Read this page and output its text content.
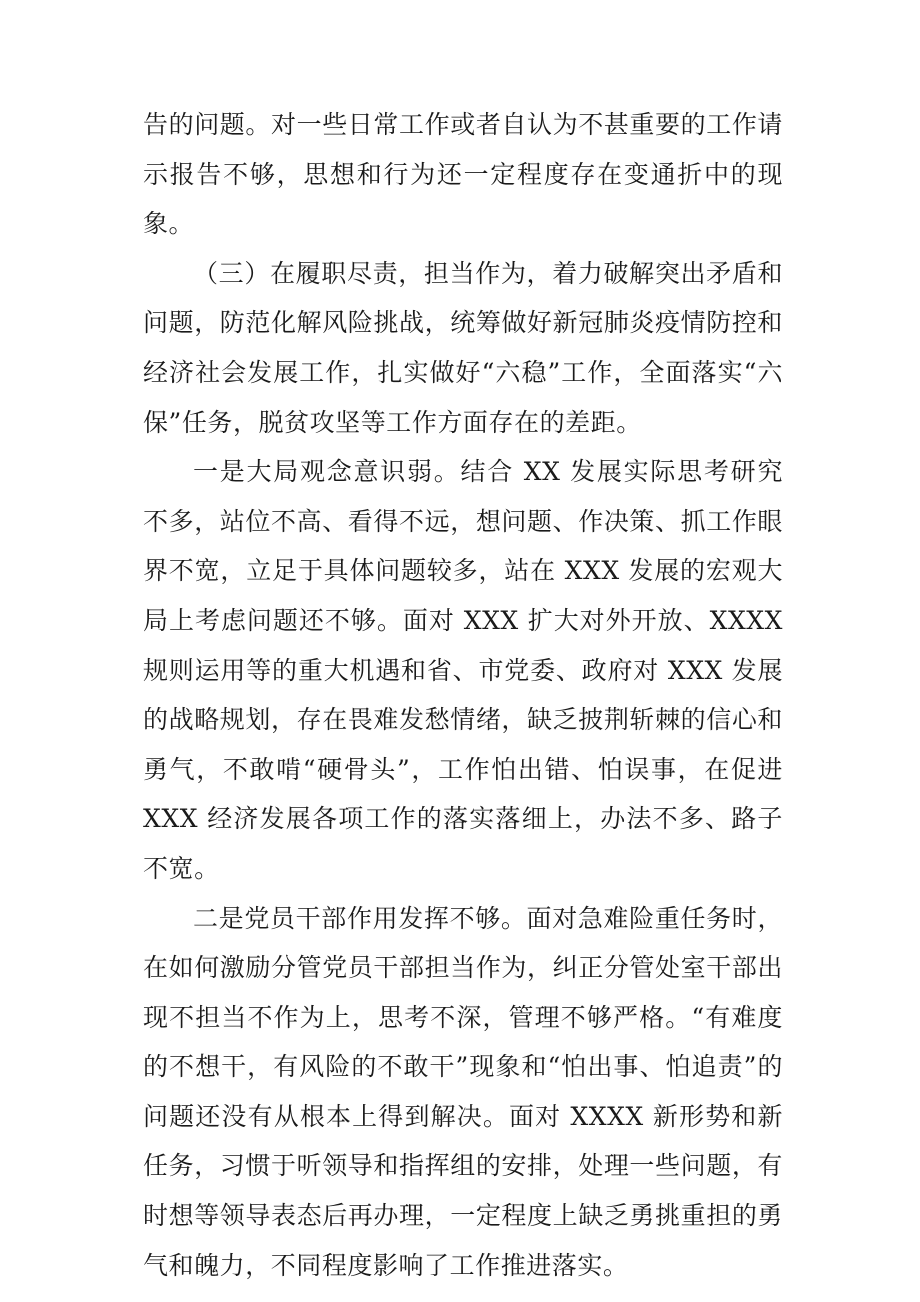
告的问题。对一些日常工作或者自认为不甚重要的工作请示报告不够，思想和行为还一定程度存在变通折中的现象。

（三）在履职尽责，担当作为，着力破解突出矛盾和问题，防范化解风险挑战，统筹做好新冠肺炎疫情防控和经济社会发展工作，扎实做好“六稳”工作，全面落实“六保”任务，脱贫攻坚等工作方面存在的差距。

一是大局观念意识弱。结合 XX 发展实际思考研究不多，站位不高、看得不远，想问题、作决策、抓工作眼界不宽，立足于具体问题较多，站在 XXX 发展的宏观大局上考虑问题还不够。面对 XXX 扩大对外开放、XXXX 规则运用等的重大机遇和省、市党委、政府对 XXX 发展的战略规划，存在畏难发愁情绪，缺乏披荆斩棘的信心和勇气，不敢啃“硬骨头”，工作怕出错、怕误事，在促进 XXX 经济发展各项工作的落实落细上，办法不多、路子不宽。

二是党员干部作用发挥不够。面对急难险重任务时，在如何激励分管党员干部担当作为，纠正分管处室干部出现不担当不作为上，思考不深，管理不够严格。“有难度的不想干，有风险的不敢干”现象和“怕出事、怕追责”的问题还没有从根本上得到解决。面对 XXXX 新形势和新任务，习惯于听领导和指挥组的安排，处理一些问题，有时想等领导表态后再办理，一定程度上缺乏勇挑重担的勇气和魄力，不同程度影响了工作推进落实。
